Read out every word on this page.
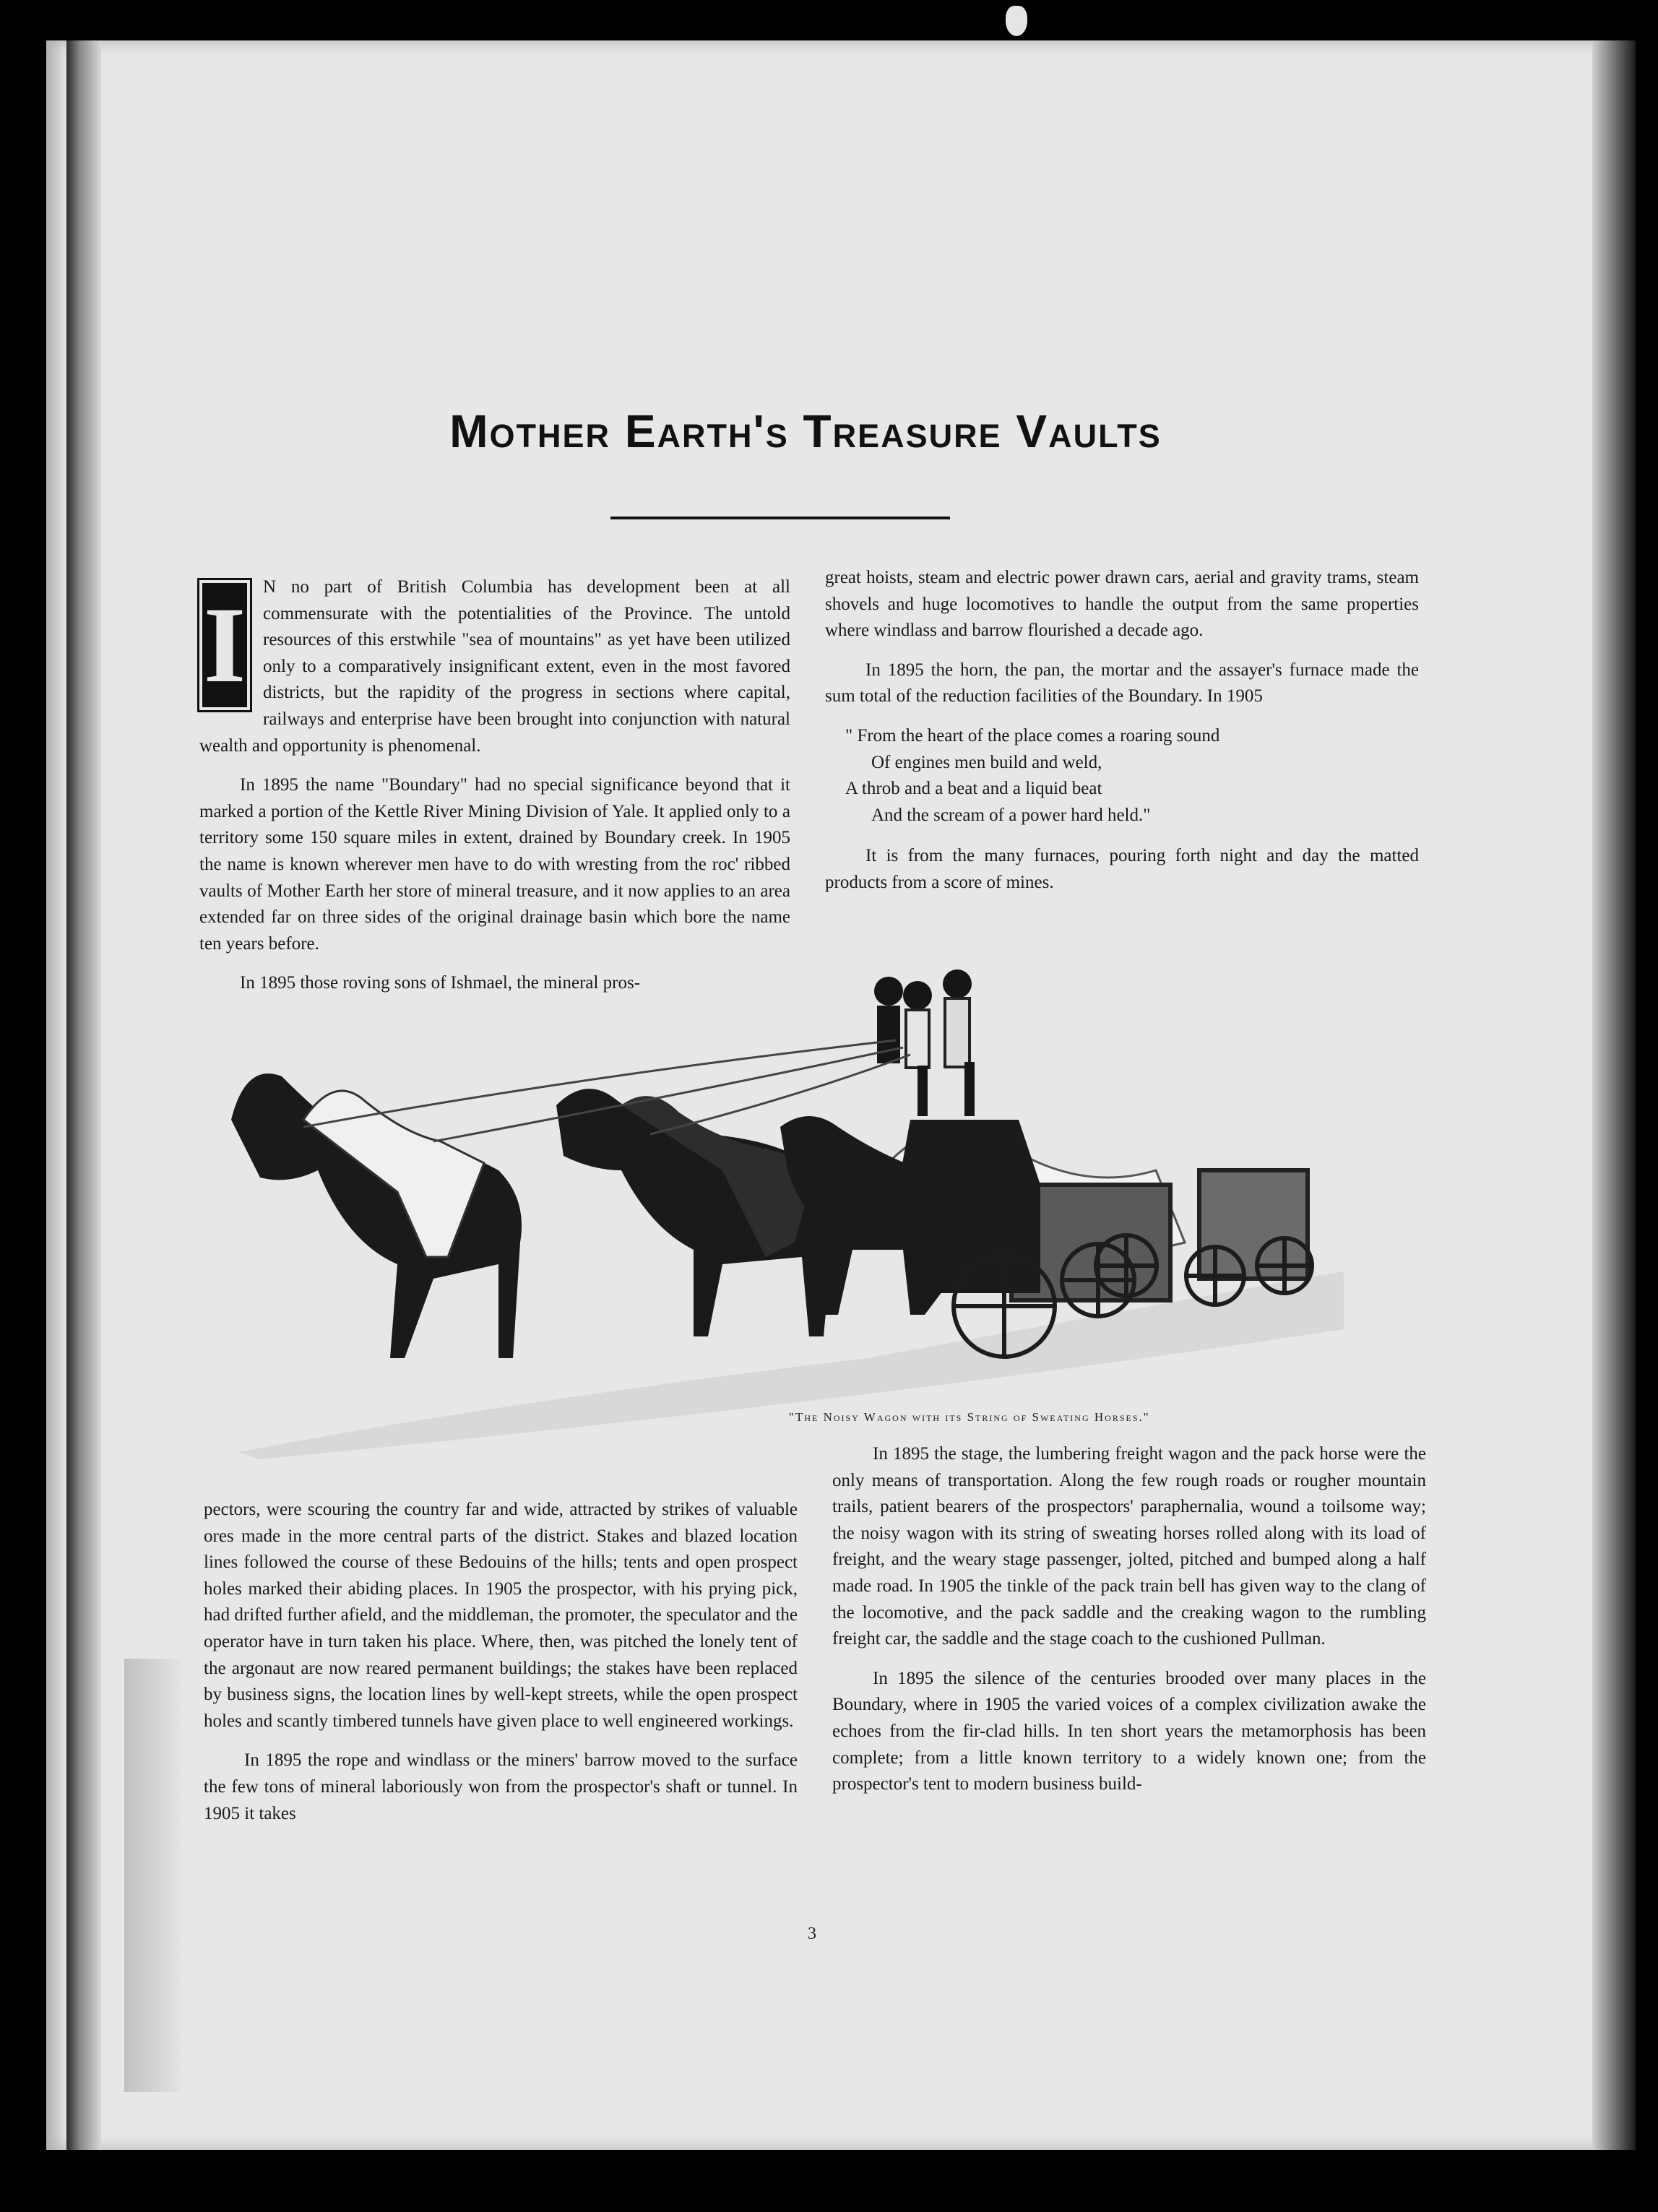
Mother Earth's Treasure Vaults

I N no part of British Columbia has development been at all commensurate with the potentialities of the Province. The untold resources of this erstwhile "sea of mountains" as yet have been utilized only to a comparatively insignificant extent, even in the most favored districts, but the rapidity of the progress in sections where capital, railways and enterprise have been brought into conjunction with natural wealth and opportunity is phenomenal.

In 1895 the name "Boundary" had no special significance beyond that it marked a portion of the Kettle River Mining Division of Yale. It applied only to a territory some 150 square miles in extent, drained by Boundary creek. In 1905 the name is known wherever men have to do with wresting from the roc' ribbed vaults of Mother Earth her store of mineral treasure, and it now applies to an area extended far on three sides of the original drainage basin which bore the name ten years before.

In 1895 those roving sons of Ishmael, the mineral pros-

great hoists, steam and electric power drawn cars, aerial and gravity trams, steam shovels and huge locomotives to handle the output from the same properties where windlass and barrow flourished a decade ago.

In 1895 the horn, the pan, the mortar and the assayer's furnace made the sum total of the reduction facilities of the Boundary. In 1905

" From the heart of the place comes a roaring sound
Of engines men build and weld,
A throb and a beat and a liquid beat
And the scream of a power hard held."

It is from the many furnaces, pouring forth night and day the matted products from a score of mines.

"The Noisy Wagon with its String of Sweating Horses."

pectors, were scouring the country far and wide, attracted by strikes of valuable ores made in the more central parts of the district. Stakes and blazed location lines followed the course of these Bedouins of the hills; tents and open prospect holes marked their abiding places. In 1905 the prospector, with his prying pick, had drifted further afield, and the middleman, the promoter, the speculator and the operator have in turn taken his place. Where, then, was pitched the lonely tent of the argonaut are now reared permanent buildings; the stakes have been replaced by business signs, the location lines by well-kept streets, while the open prospect holes and scantly timbered tunnels have given place to well engineered workings.

In 1895 the rope and windlass or the miners' barrow moved to the surface the few tons of mineral laboriously won from the prospector's shaft or tunnel. In 1905 it takes

In 1895 the stage, the lumbering freight wagon and the pack horse were the only means of transportation. Along the few rough roads or rougher mountain trails, patient bearers of the prospectors' paraphernalia, wound a toilsome way; the noisy wagon with its string of sweating horses rolled along with its load of freight, and the weary stage passenger, jolted, pitched and bumped along a half made road. In 1905 the tinkle of the pack train bell has given way to the clang of the locomotive, and the pack saddle and the creaking wagon to the rumbling freight car, the saddle and the stage coach to the cushioned Pullman.

In 1895 the silence of the centuries brooded over many places in the Boundary, where in 1905 the varied voices of a complex civilization awake the echoes from the fir-clad hills. In ten short years the metamorphosis has been complete; from a little known territory to a widely known one; from the prospector's tent to modern business build-

3
